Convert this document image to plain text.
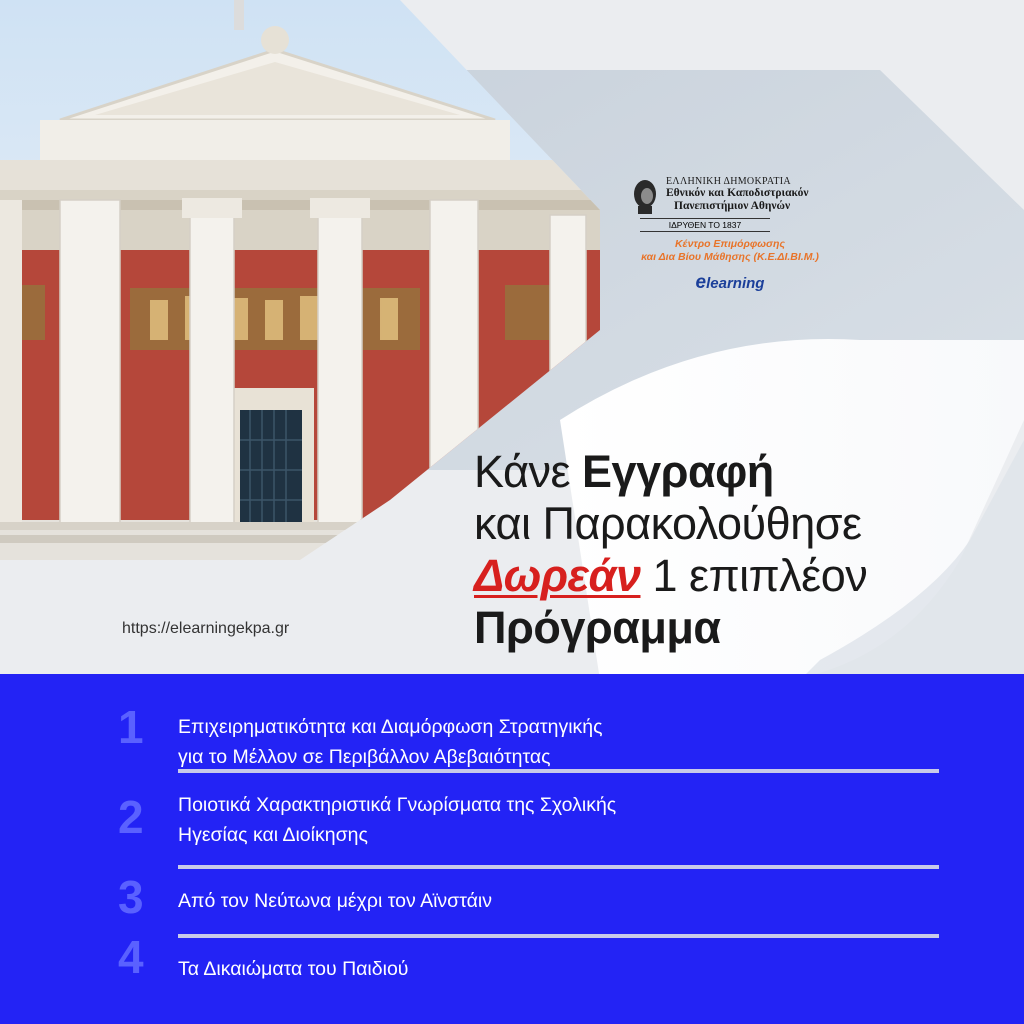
ΕΛΛΗΝΙΚΗ ΔΗΜΟΚΡΑΤΙΑ
Εθνικόν και Καποδιστριακόν
Πανεπιστήμιον Αθηνών
ΙΔΡΥΘΕΝ ΤΟ 1837
Κέντρο Επιμόρφωσης
και Δια Βίου Μάθησης (Κ.Ε.ΔΙ.ΒΙ.Μ.)
elearning
Κάνε Εγγραφή
και Παρακολούθησε
Δωρεάν 1 επιπλέον
Πρόγραμμα
https://elearningekpa.gr
1 Επιχειρηματικότητα και Διαμόρφωση Στρατηγικής
για το Μέλλον σε Περιβάλλον Αβεβαιότητας
2 Ποιοτικά Χαρακτηριστικά Γνωρίσματα της Σχολικής
Ηγεσίας και Διοίκησης
3 Από τον Νεύτωνα μέχρι τον Αϊνστάιν
4 Τα Δικαιώματα του Παιδιού
